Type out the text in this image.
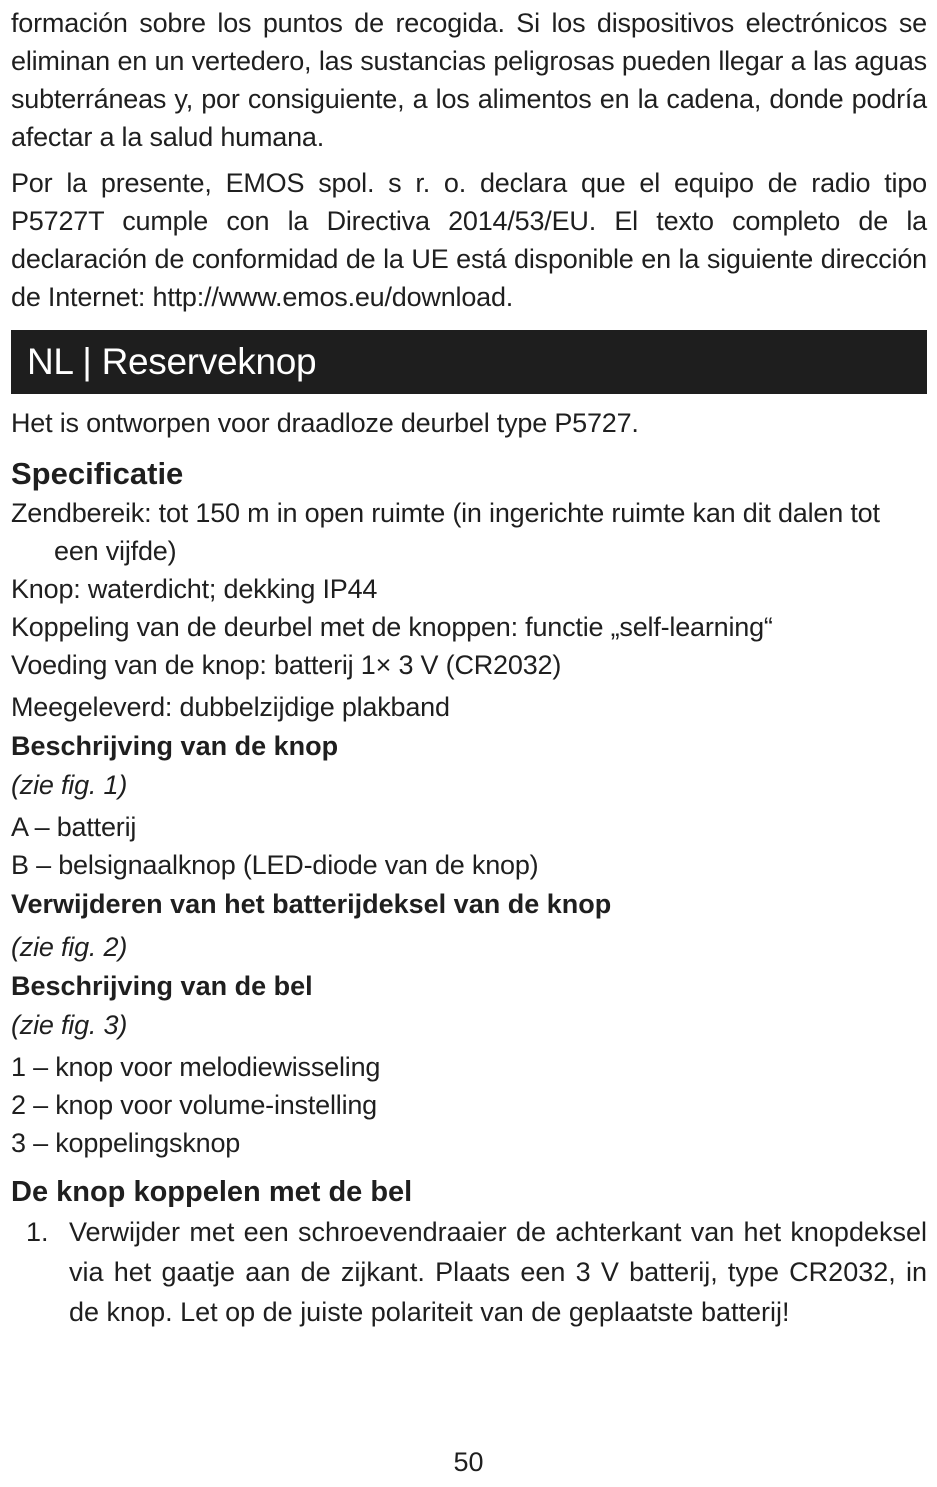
formación sobre los puntos de recogida. Si los dispositivos electrónicos se eliminan en un vertedero, las sustancias peligrosas pueden llegar a las aguas subterráneas y, por consiguiente, a los alimentos en la cadena, donde podría afectar a la salud humana.

Por la presente, EMOS spol. s r. o. declara que el equipo de radio tipo P5727T cumple con la Directiva 2014/53/EU. El texto completo de la declaración de conformidad de la UE está disponible en la siguiente dirección de Internet: http://www.emos.eu/download.

NL | Reserveknop

Het is ontworpen voor draadloze deurbel type P5727.

Specificatie

Zendbereik: tot 150 m in open ruimte (in ingerichte ruimte kan dit dalen tot een vijfde)

Knop: waterdicht; dekking IP44

Koppeling van de deurbel met de knoppen: functie „self-learning“

Voeding van de knop: batterij 1× 3 V (CR2032)

Meegeleverd: dubbelzijdige plakband

Beschrijving van de knop

(zie fig. 1)

A – batterij

B – belsignaalknop (LED-diode van de knop)

Verwijderen van het batterijdeksel van de knop

(zie fig. 2)

Beschrijving van de bel

(zie fig. 3)

1 – knop voor melodiewisseling

2 – knop voor volume-instelling

3 – koppelingsknop

De knop koppelen met de bel
1. Verwijder met een schroevendraaier de achterkant van het knopdeksel via het gaatje aan de zijkant. Plaats een 3 V batterij, type CR2032, in de knop. Let op de juiste polariteit van de geplaatste batterij!
50
